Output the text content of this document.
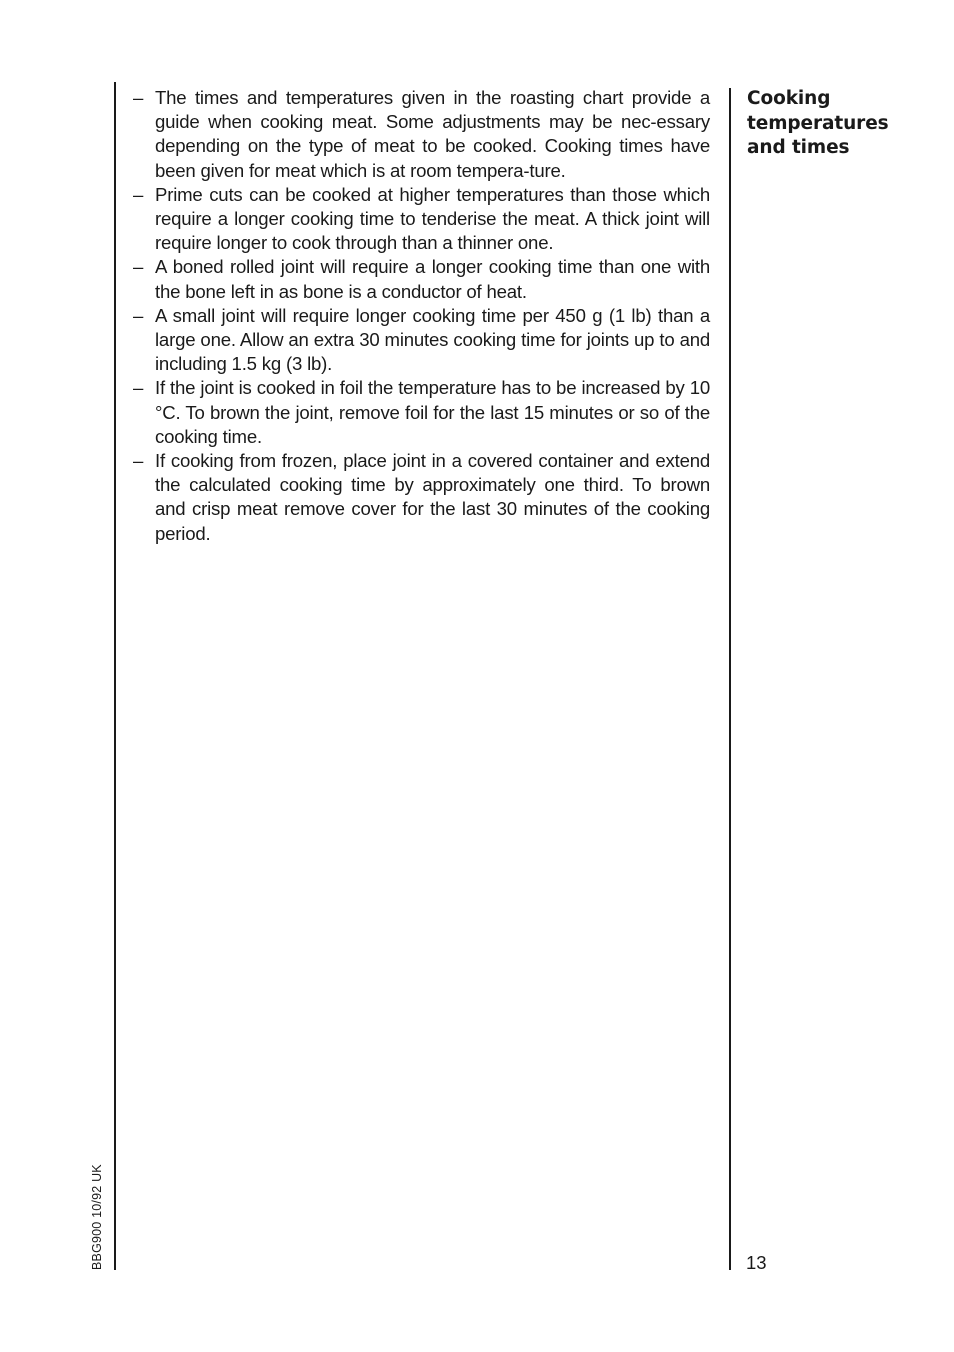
– The times and temperatures given in the roasting chart provide a guide when cooking meat. Some adjustments may be nec-essary depending on the type of meat to be cooked. Cooking times have been given for meat which is at room tempera-ture.
– Prime cuts can be cooked at higher temperatures than those which require a longer cooking time to tenderise the meat. A thick joint will require longer to cook through than a thinner one.
– A boned rolled joint will require a longer cooking time than one with the bone left in as bone is a conductor of heat.
– A small joint will require longer cooking time per 450 g (1 lb) than a large one. Allow an extra 30 minutes cooking time for joints up to and including 1.5 kg (3 lb).
– If the joint is cooked in foil the temperature has to be increased by 10 °C. To brown the joint, remove foil for the last 15 minutes or so of the cooking time.
– If cooking from frozen, place joint in a covered container and extend the calculated cooking time by approximately one third. To brown and crisp meat remove cover for the last 30 minutes of the cooking period.
Cooking
temperatures
and times
13
BBG900 10/92 UK
